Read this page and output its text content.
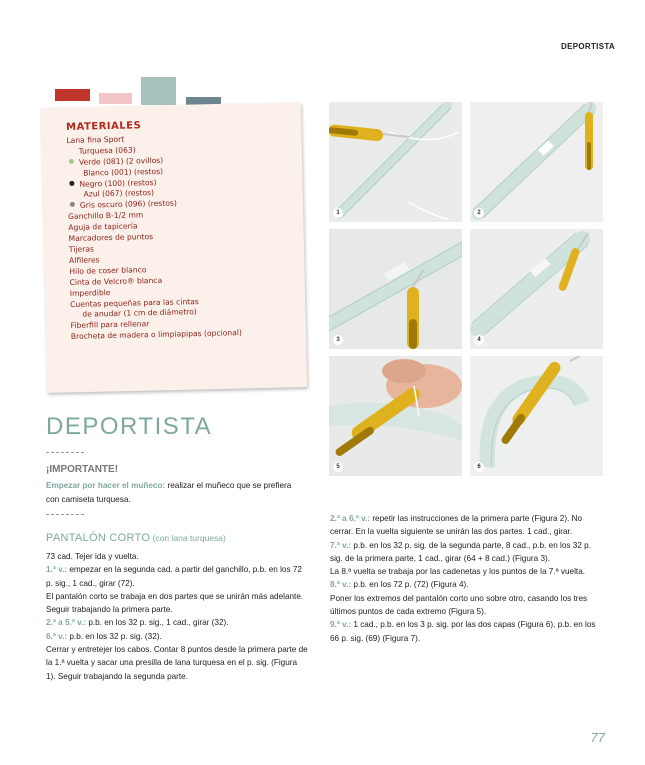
DEPORTISTA
MATERIALES
Lana fina Sport
Turquesa (063)
Verde (081) (2 ovillos)
Blanco (001) (restos)
Negro (100) (restos)
Azul (067) (restos)
Gris oscuro (096) (restos)
Ganchillo B-1/2 mm
Aguja de tapicería
Marcadores de puntos
Tijeras
Alfileres
Hilo de coser blanco
Cinta de Velcro® blanca
Imperdible
Cuentas pequeñas para las cintas
de anudar (1 cm de diámetro)
Fiberfill para rellenar
Brocheta de madera o limpiapipas (opcional)
1	2
3	4
5	6
DEPORTISTA
¡IMPORTANTE!
Empezar por hacer el muñeco: realizar el muñeco que se prefiera con camiseta turquesa.
PANTALÓN CORTO (con lana turquesa)

73 cad. Tejer ida y vuelta.

1.ª v.: empezar en la segunda cad. a partir del ganchillo, p.b. en los 72 p. sig., 1 cad., girar (72).

El pantalón corto se trabaja en dos partes que se unirán más adelante. Seguir trabajando la primera parte.

2.ª a 5.ª v.: p.b. en los 32 p. sig., 1 cad., girar (32).

6.ª v.: p.b. en los 32 p. sig. (32).

Cerrar y entretejer los cabos. Contar 8 puntos desde la primera parte de la 1.ª vuelta y sacar una presilla de lana turquesa en el p. sig. (Figura 1). Seguir trabajando la segunda parte.

2.ª a 6.ª v.: repetir las instrucciones de la primera parte (Figura 2). No cerrar. En la vuelta siguiente se unirán las dos partes. 1 cad., girar.

7.ª v.: p.b. en los 32 p. sig. de la segunda parte, 8 cad., p.b. en los 32 p. sig. de la primera parte, 1 cad., girar (64 + 8 cad.) (Figura 3).

La 8.ª vuelta se trabaja por las cadenetas y los puntos de la 7.ª vuelta.

8.ª v.: p.b. en los 72 p. (72) (Figura 4).

Poner los extremos del pantalón corto uno sobre otro, casando los tres últimos puntos de cada extremo (Figura 5).

9.ª v.: 1 cad., p.b. en los 3 p. sig. por las dos capas (Figura 6), p.b. en los 66 p. sig. (69) (Figura 7).

77
